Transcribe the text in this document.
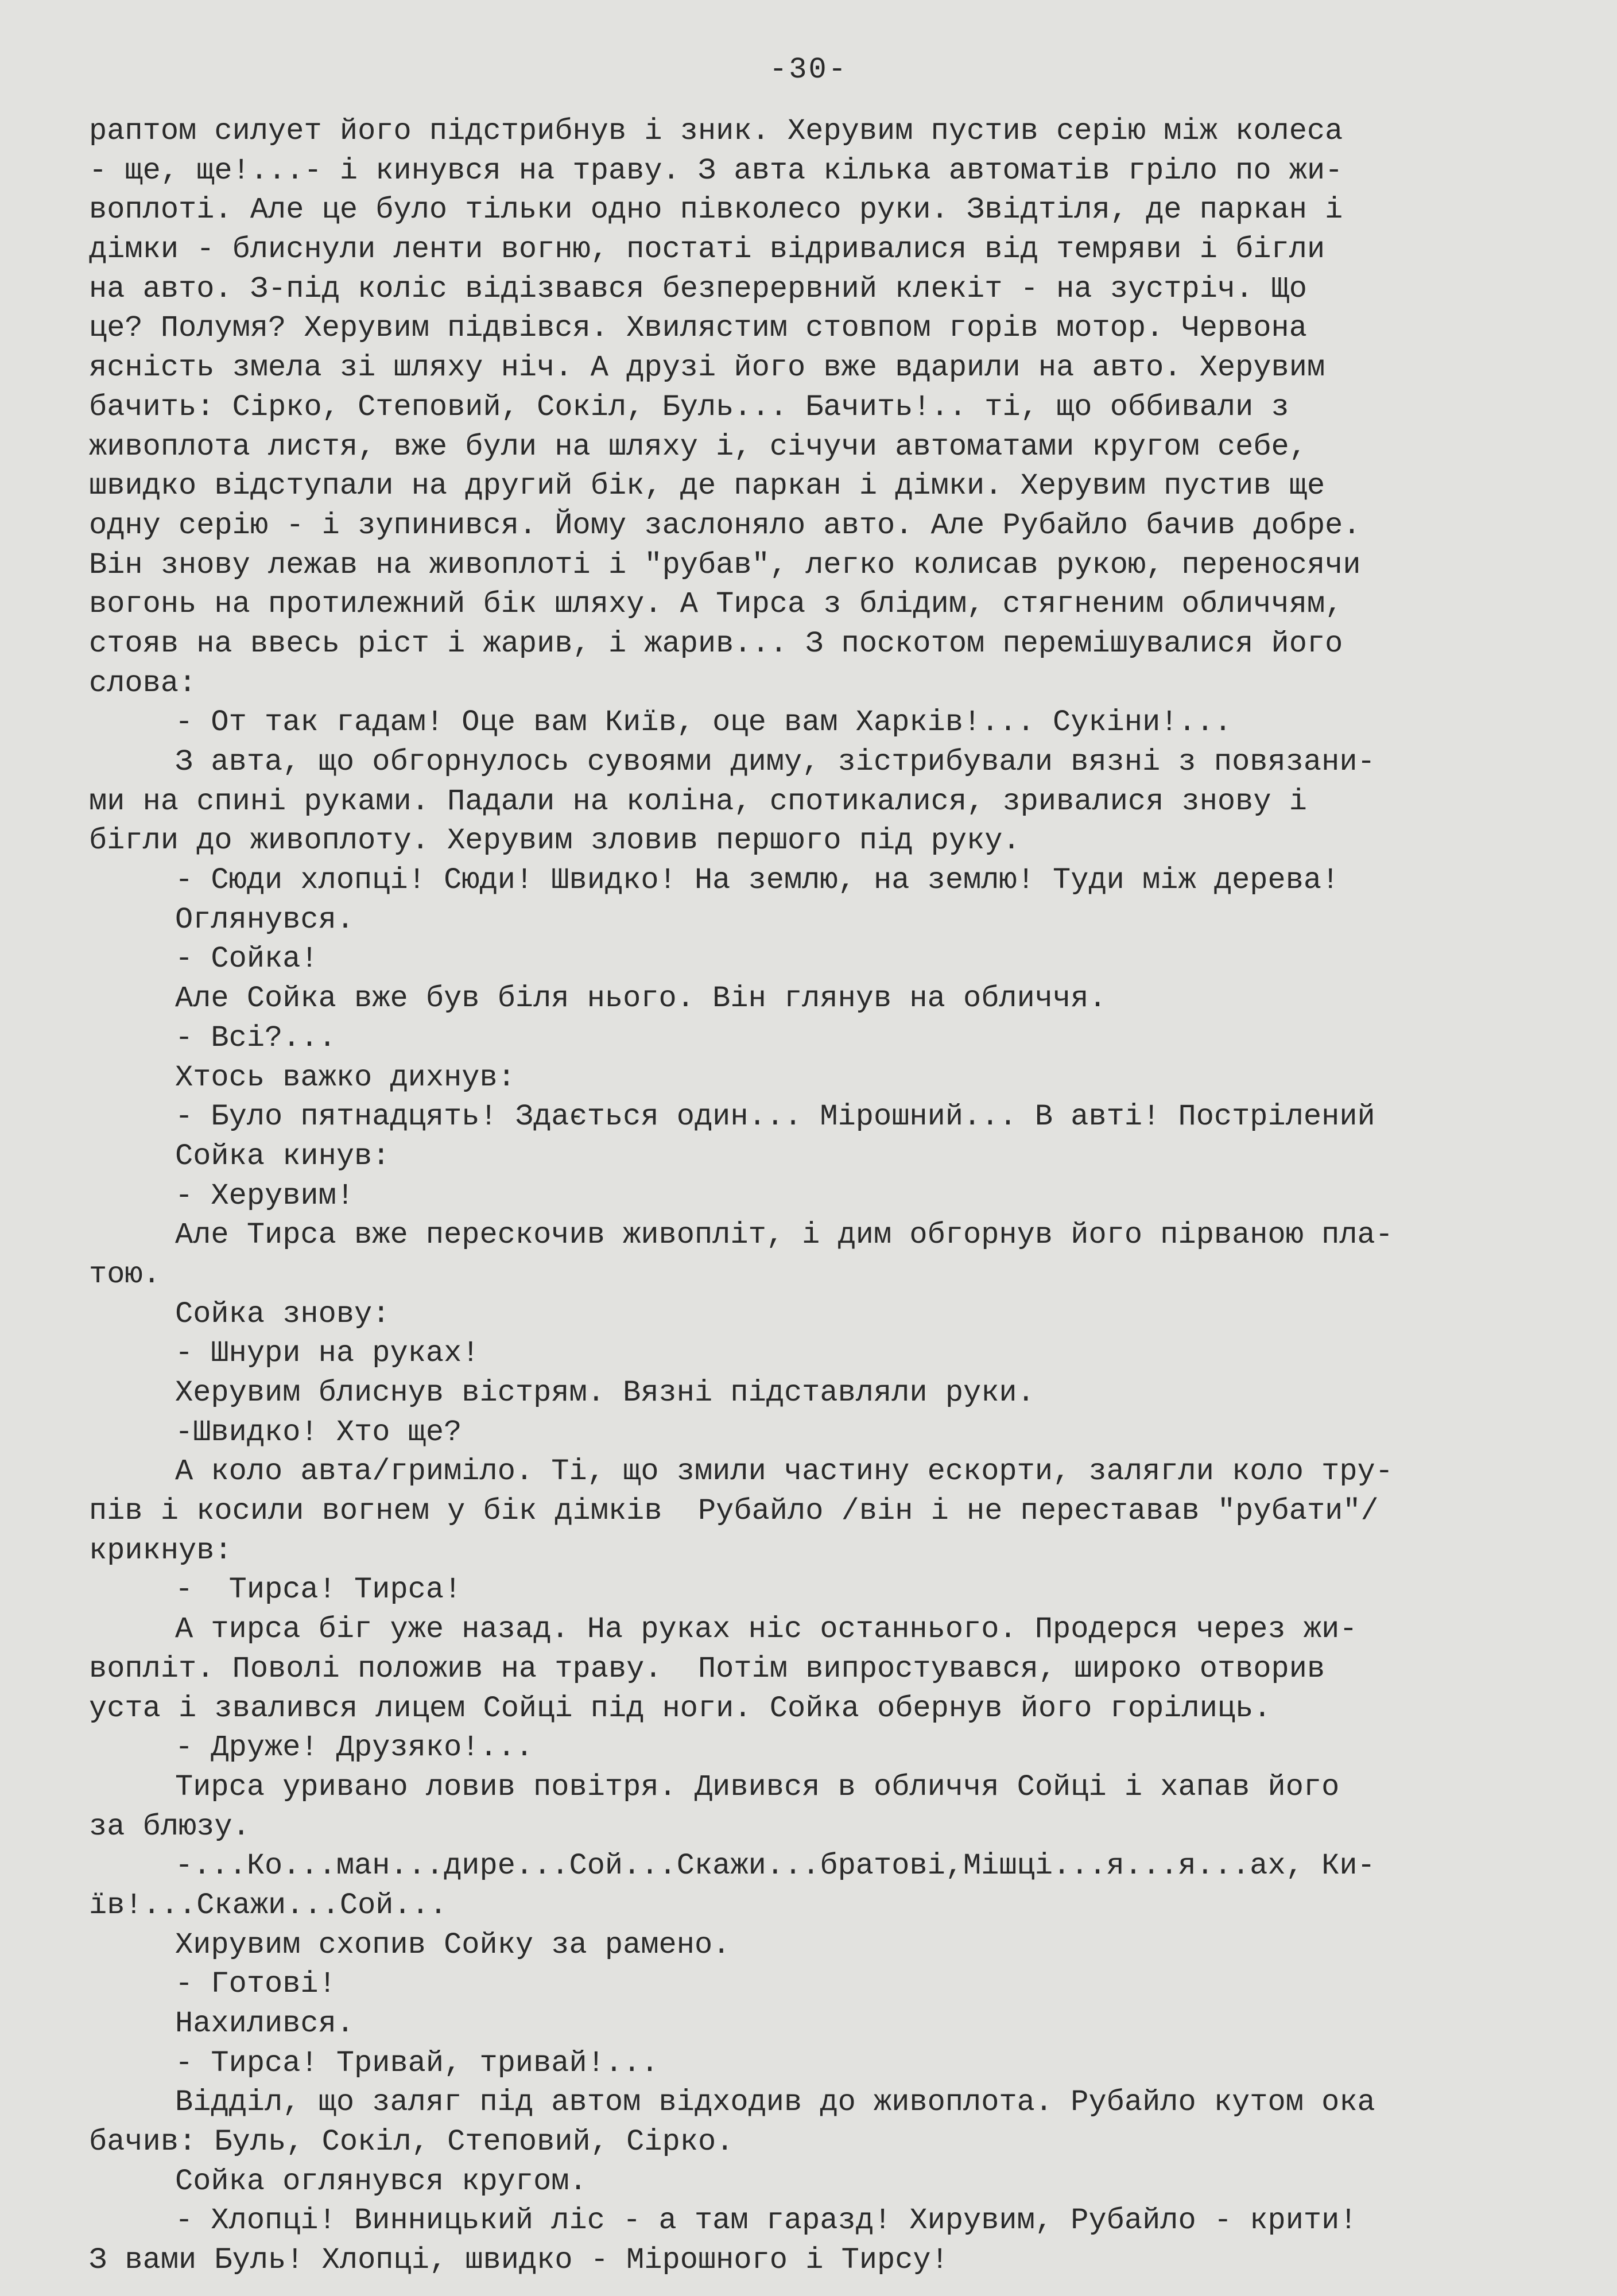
-30-
раптом силует його підстрибнув і зник. Херувим пустив серію між колеса
- ще, ще!...- і кинувся на траву. З авта кілька автоматів гріло по жи-
воплоті. Але це було тільки одно півколесо руки. Звідтіля, де паркан і
дімки - блиснули ленти вогню, постаті відривалися від темряви і бігли
на авто. З-під коліс відізвався безперервний клекіт - на зустріч. Що
це? Полумя? Херувим підвівся. Хвилястим стовпом горів мотор. Червона
ясність змела зі шляху ніч. А друзі його вже вдарили на авто. Херувим
бачить: Сірко, Степовий, Сокіл, Буль... Бачить!.. ті, що оббивали з
живоплота листя, вже були на шляху і, січучи автоматами кругом себе,
швидко відступали на другий бік, де паркан і дімки. Херувим пустив ще
одну серію - і зупинився. Йому заслоняло авто. Але Рубайло бачив добре.
Він знову лежав на живоплоті і "рубав", легко колисав рукою, переносячи
вогонь на протилежний бік шляху. А Тирса з блідим, стягненим обличчям,
стояв на ввесь ріст і жарив, і жарив... З поскотом перемішувалися його
слова:
- От так гадам! Оце вам Київ, оце вам Харків!... Сукіни!...
З авта, що обгорнулось сувоями диму, зістрибували вязні з повязани-
ми на спині руками. Падали на коліна, спотикалися, зривалися знову і
бігли до живоплоту. Херувим зловив першого під руку.
- Сюди хлопці! Сюди! Швидко! На землю, на землю! Туди між дерева!
Оглянувся.
- Сойка!
Але Сойка вже був біля нього. Він глянув на обличчя.
- Всі?...
Хтось важко дихнув:
- Було пятнадцять! Здається один... Мірошний... В авті! Пострілений
Сойка кинув:
- Херувим!
Але Тирса вже перескочив живопліт, і дим обгорнув його пірваною пла-
тою.
Сойка знову:
- Шнури на руках!
Херувим блиснув вістрям. Вязні підставляли руки.
-Швидко! Хто ще?
А коло авта/гриміло. Ті, що змили частину ескорти, залягли коло тру-
пів і косили вогнем у бік дімків  Рубайло /він і не переставав "рубати"/
крикнув:
-  Тирса! Тирса!
А тирса біг уже назад. На руках ніс останнього. Продерся через жи-
вопліт. Поволі положив на траву.  Потім випростувався, широко отворив
уста і звалився лицем Сойці під ноги. Сойка обернув його горілиць.
- Друже! Друзяко!...
Тирса уривано ловив повітря. Дивився в обличчя Сойці і хапав його
за блюзу.
-...Ко...ман...дире...Сой...Скажи...братові,Мішці...я...я...ах, Ки-
їв!...Скажи...Сой...
Хирувим схопив Сойку за рамено.
- Готові!
Нахилився.
- Тирса! Тривай, тривай!...
Відділ, що заляг під автом відходив до живоплота. Рубайло кутом ока
бачив: Буль, Сокіл, Степовий, Сірко.
Сойка оглянувся кругом.
- Хлопці! Винницький ліс - а там гаразд! Хирувим, Рубайло - крити!
З вами Буль! Хлопці, швидко - Мірошного і Тирсу!
